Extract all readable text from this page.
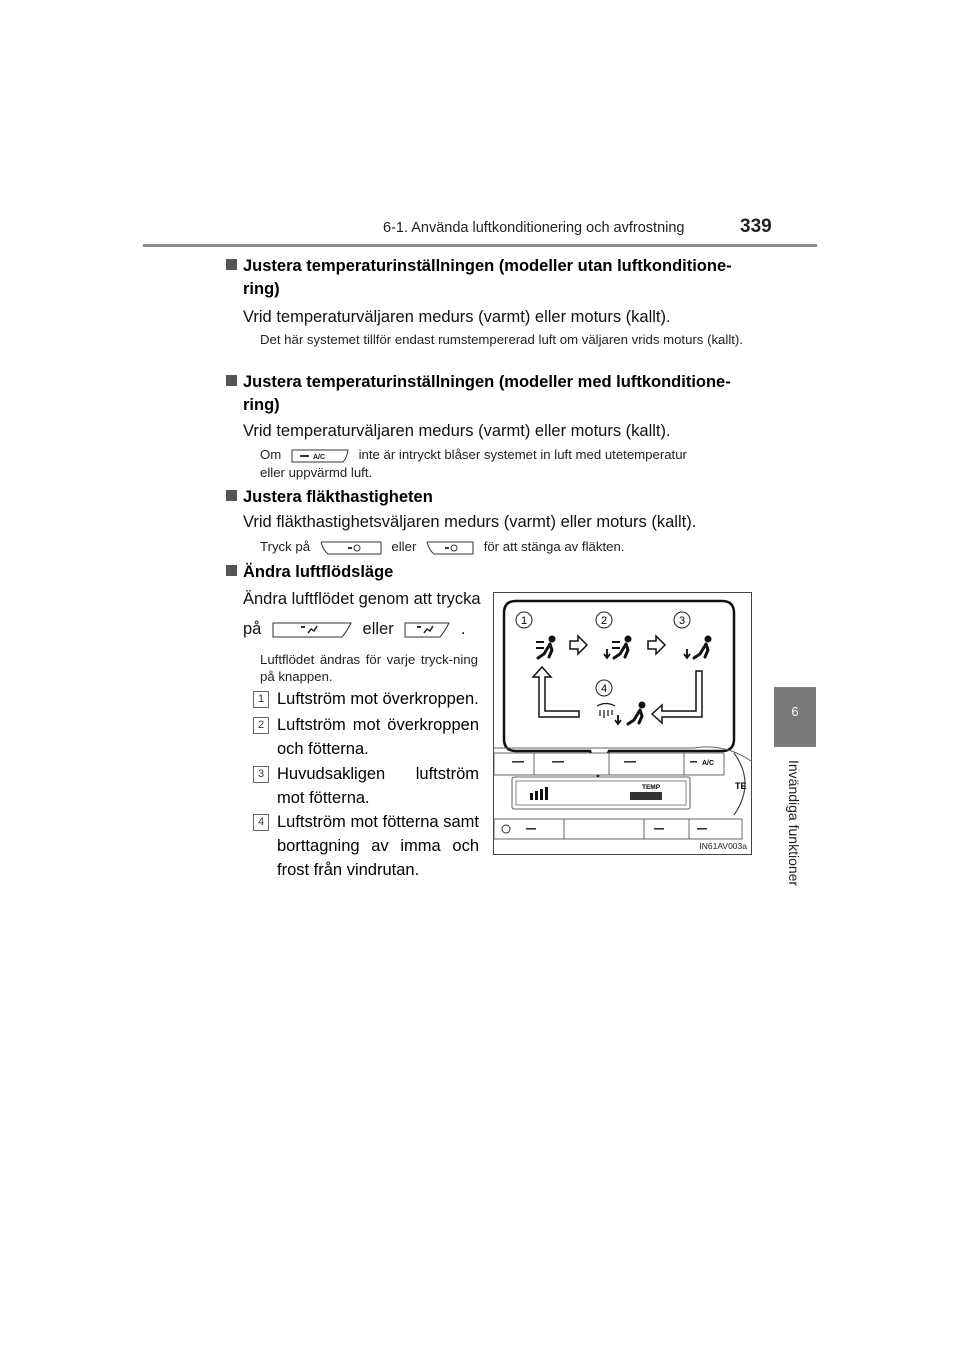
6-1. Använda luftkonditionering och avfrostning	339
6
Invändiga funktioner
Justera temperaturinställningen (modeller utan luftkonditione-
ring)
Vrid temperaturväljaren medurs (varmt) eller moturs (kallt).
Det här systemet tillför endast rumstempererad luft om väljaren vrids moturs (kallt).
Justera temperaturinställningen (modeller med luftkonditione-
ring)
Vrid temperaturväljaren medurs (varmt) eller moturs (kallt).
Om	A/C	inte är intryckt blåser systemet in luft med utetemperatur
eller uppvärmd luft.
Justera fläkthastigheten
Vrid fläkthastighetsväljaren medurs (varmt) eller moturs (kallt).
Tryck på	eller	för att stänga av fläkten.
Ändra luftflödsläge
Ändra luftflödet genom att trycka
på	eller	.
Luftflödet ändras för varje tryck-ning på knappen.
1 Luftström mot överkroppen.
2 Luftström mot överkroppen och fötterna.
3 Huvudsakligen luftström mot fötterna.
4 Luftström mot fötterna samt borttagning av imma och frost från vindrutan.
1	2	3
4
A/C
TEMP	TE
IN61AV003a
